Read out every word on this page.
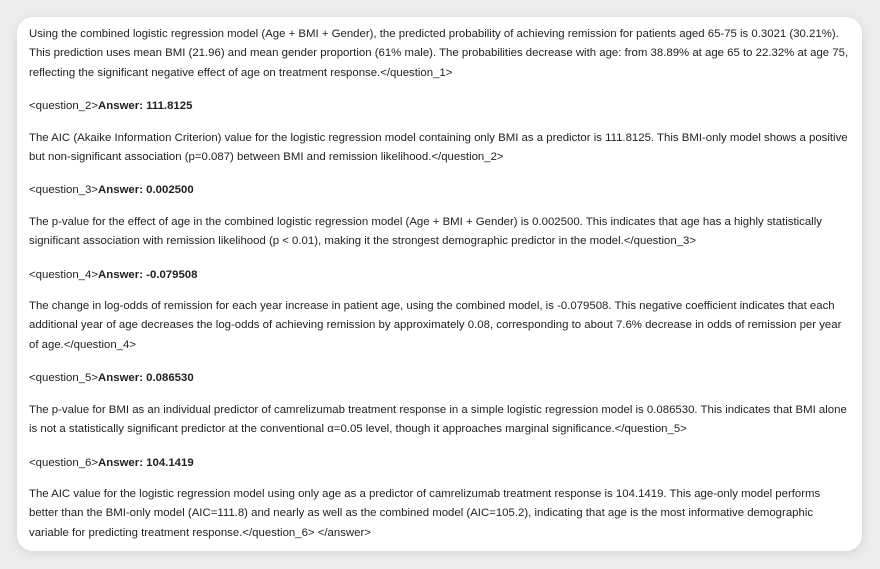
Using the combined logistic regression model (Age + BMI + Gender), the predicted probability of achieving remission for patients aged 65-75 is 0.3021 (30.21%). This prediction uses mean BMI (21.96) and mean gender proportion (61% male). The probabilities decrease with age: from 38.89% at age 65 to 22.32% at age 75, reflecting the significant negative effect of age on treatment response.</question_1>

<question_2>Answer: 111.8125

The AIC (Akaike Information Criterion) value for the logistic regression model containing only BMI as a predictor is 111.8125. This BMI-only model shows a positive but non-significant association (p=0.087) between BMI and remission likelihood.</question_2>

<question_3>Answer: 0.002500

The p-value for the effect of age in the combined logistic regression model (Age + BMI + Gender) is 0.002500. This indicates that age has a highly statistically significant association with remission likelihood (p < 0.01), making it the strongest demographic predictor in the model.</question_3>

<question_4>Answer: -0.079508

The change in log-odds of remission for each year increase in patient age, using the combined model, is -0.079508. This negative coefficient indicates that each additional year of age decreases the log-odds of achieving remission by approximately 0.08, corresponding to about 7.6% decrease in odds of remission per year of age.</question_4>

<question_5>Answer: 0.086530

The p-value for BMI as an individual predictor of camrelizumab treatment response in a simple logistic regression model is 0.086530. This indicates that BMI alone is not a statistically significant predictor at the conventional α=0.05 level, though it approaches marginal significance.</question_5>

<question_6>Answer: 104.1419

The AIC value for the logistic regression model using only age as a predictor of camrelizumab treatment response is 104.1419. This age-only model performs better than the BMI-only model (AIC=111.8) and nearly as well as the combined model (AIC=105.2), indicating that age is the most informative demographic variable for predicting treatment response.</question_6> </answer>
